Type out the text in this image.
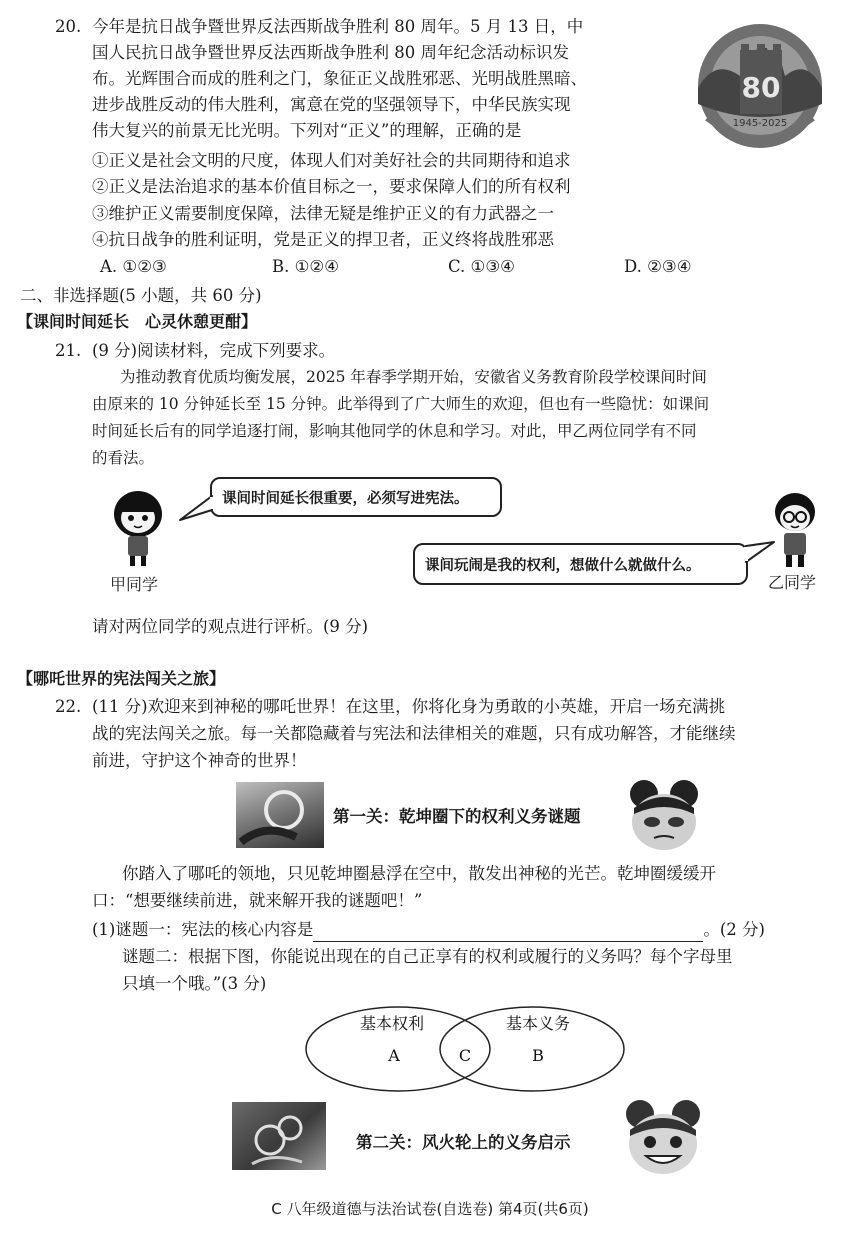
20. 今年是抗日战争暨世界反法西斯战争胜利 80 周年。5 月 13 日，中
国人民抗日战争暨世界反法西斯战争胜利 80 周年纪念活动标识发
布。光辉围合而成的胜利之门，象征正义战胜邪恶、光明战胜黑暗、
进步战胜反动的伟大胜利，寓意在党的坚强领导下，中华民族实现
伟大复兴的前景无比光明。下列对“正义”的理解，正确的是
①正义是社会文明的尺度，体现人们对美好社会的共同期待和追求
②正义是法治追求的基本价值目标之一，要求保障人们的所有权利
③维护正义需要制度保障，法律无疑是维护正义的有力武器之一
④抗日战争的胜利证明，党是正义的捍卫者，正义终将战胜邪恶
A. ①②③	B. ①②④	C. ①③④	D. ②③④
80
1945-2025
二、非选择题(5 小题，共 60 分)
【课间时间延长　心灵休憩更酣】
21. (9 分)阅读材料，完成下列要求。
为推动教育优质均衡发展，2025 年春季学期开始，安徽省义务教育阶段学校课间时间
由原来的 10 分钟延长至 15 分钟。此举得到了广大师生的欢迎，但也有一些隐忧：如课间
时间延长后有的同学追逐打闹，影响其他同学的休息和学习。对此，甲乙两位同学有不同
的看法。
课间时间延长很重要，必须写进宪法。
甲同学
课间玩闹是我的权利，想做什么就做什么。
乙同学
请对两位同学的观点进行评析。(9 分)
【哪吒世界的宪法闯关之旅】
22. (11 分)欢迎来到神秘的哪吒世界！在这里，你将化身为勇敢的小英雄，开启一场充满挑
战的宪法闯关之旅。每一关都隐藏着与宪法和法律相关的难题，只有成功解答，才能继续
前进，守护这个神奇的世界！
第一关：乾坤圈下的权利义务谜题
你踏入了哪吒的领地，只见乾坤圈悬浮在空中，散发出神秘的光芒。乾坤圈缓缓开
口：“想要继续前进，就来解开我的谜题吧！”
(1)谜题一：宪法的核心内容是	。(2 分)
谜题二：根据下图，你能说出现在的自己正享有的权利或履行的义务吗？每个字母里
只填一个哦。”(3 分)
基本权利	基本义务
A	C	B
第二关：风火轮上的义务启示
C 八年级道德与法治试卷(自选卷) 第4页(共6页)
